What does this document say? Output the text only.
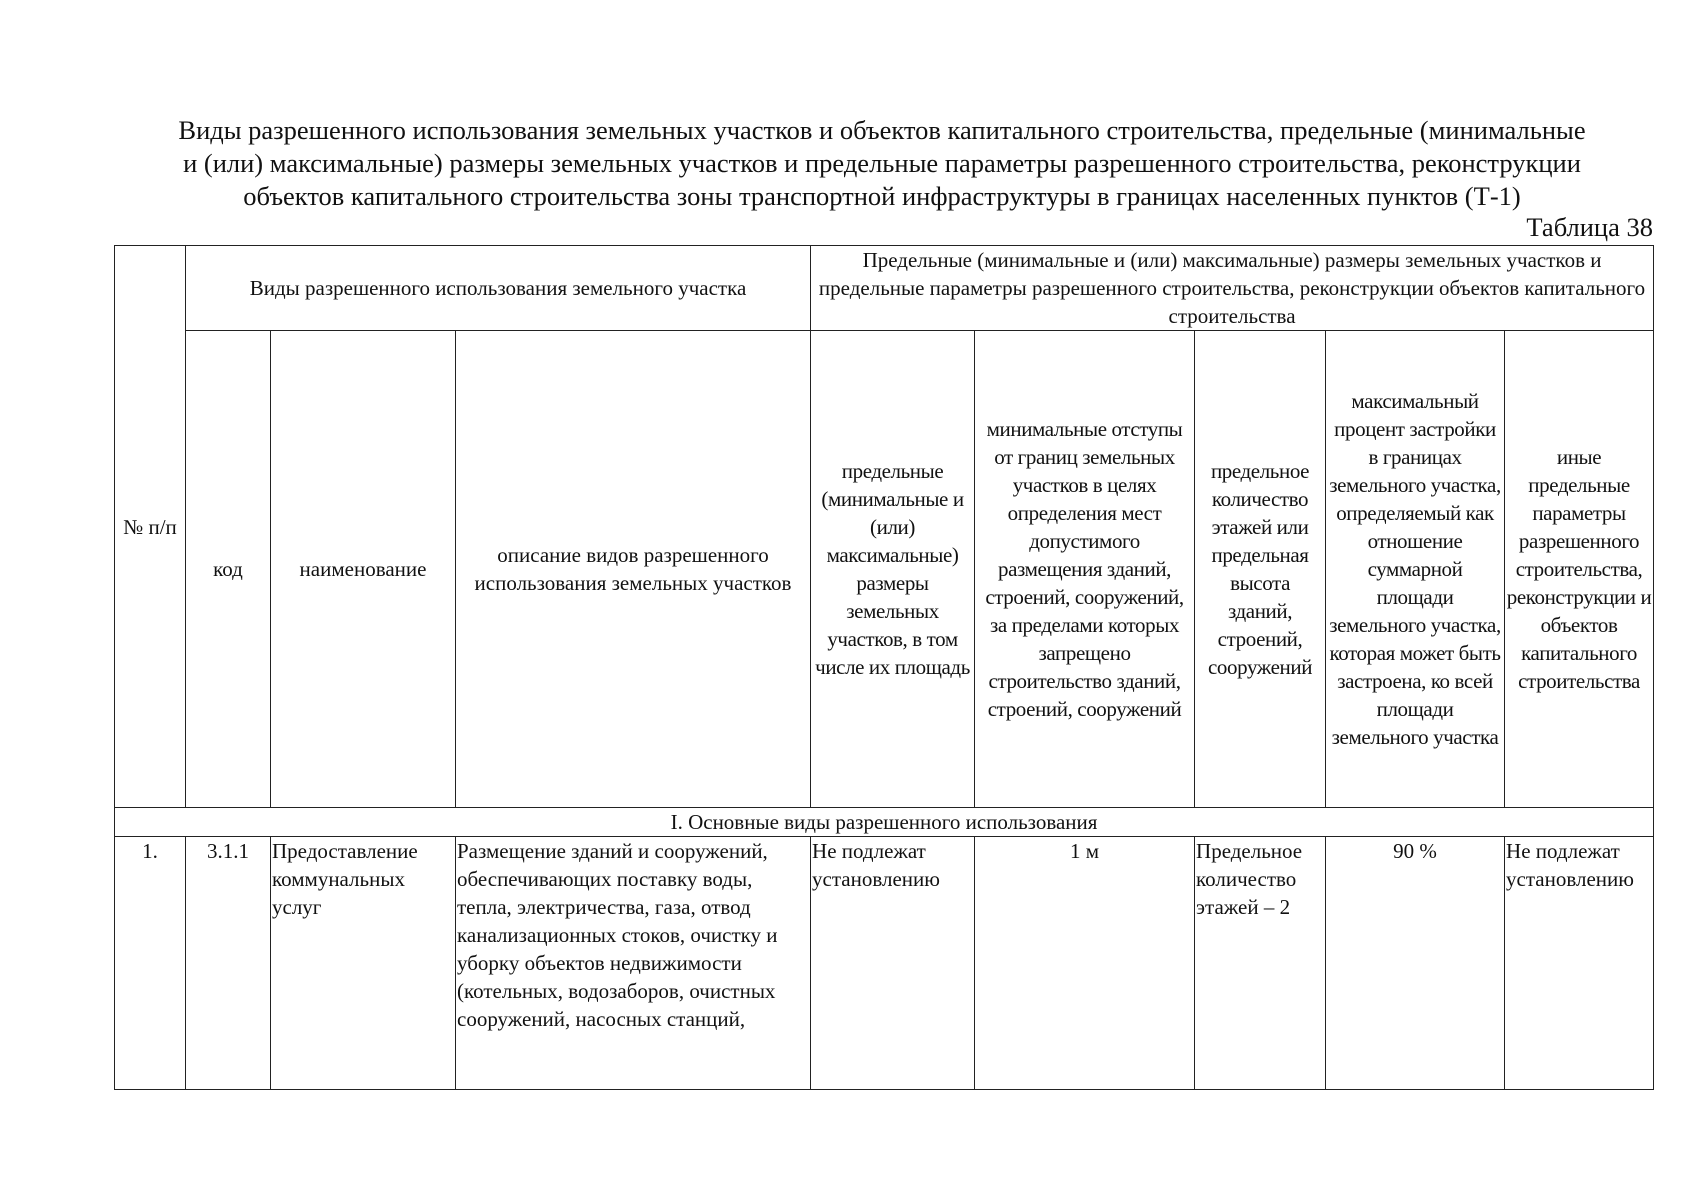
Виды разрешенного использования земельных участков и объектов капитального строительства, предельные (минимальные
и (или) максимальные) размеры земельных участков и предельные параметры разрешенного строительства, реконструкции
объектов капитального строительства зоны транспортной инфраструктуры в границах населенных пунктов (Т-1)
Таблица 38
№ п/п	Виды разрешенного использования земельного участка			Предельные (минимальные и (или) максимальные) размеры земельных участков и предельные параметры разрешенного строительства, реконструкции объектов капитального строительства				
	код	наименование	описание видов разрешенного использования земельных участков	предельные (минимальные и (или) максимальные) размеры земельных участков, в том числе их площадь	минимальные отступы от границ земельных участков в целях определения мест допустимого размещения зданий, строений, сооружений, за пределами которых запрещено строительство зданий, строений, сооружений	предельное количество этажей или предельная высота зданий, строений, сооружений	максимальный процент застройки в границах земельного участка, определяемый как отношение суммарной площади земельного участка, которая может быть застроена, ко всей площади земельного участка	иные предельные параметры разрешенного строительства, реконструкции и объектов капитального строительства
I. Основные виды разрешенного использования								
1.	3.1.1	Предоставление коммунальных услуг	Размещение зданий и сооружений, обеспечивающих поставку воды, тепла, электричества, газа, отвод канализационных стоков, очистку и уборку объектов недвижимости (котельных, водозаборов, очистных сооружений, насосных станций,	Не подлежат установлению	1 м	Предельное количество этажей – 2	90 %	Не подлежат установлению
